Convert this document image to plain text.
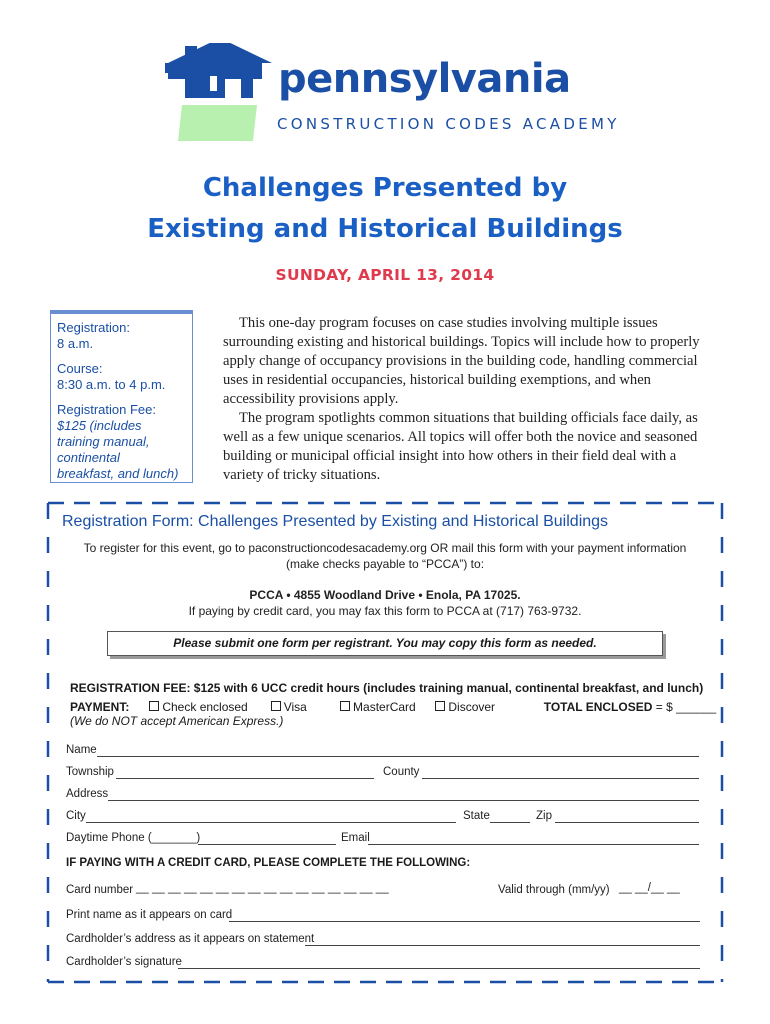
pennsylvania
CONSTRUCTION CODES ACADEMY
Challenges Presented by
Existing and Historical Buildings
SUNDAY, APRIL 13, 2014
Registration:
8 a.m.
Course:
8:30 a.m. to 4 p.m.
Registration Fee:
$125 (includes
training manual,
continental
breakfast, and lunch)

This one-day program focuses on case studies involving multiple issues surrounding existing and historical buildings. Topics will include how to properly apply change of occupancy provisions in the building code, handling commercial uses in residential occupancies, historical building exemptions, and when accessibility provisions apply.

The program spotlights common situations that building officials face daily, as well as a few unique scenarios. All topics will offer both the novice and seasoned building or municipal official insight into how others in their field deal with a variety of tricky situations.

Registration Form: Challenges Presented by Existing and Historical Buildings
To register for this event, go to paconstructioncodesacademy.org OR mail this form with your payment information
(make checks payable to “PCCA”) to:
PCCA • 4855 Woodland Drive • Enola, PA 17025.
If paying by credit card, you may fax this form to PCCA at (717) 763-9732.
Please submit one form per registrant. You may copy this form as needed.
REGISTRATION FEE: $125 with 6 UCC credit hours (includes training manual, continental breakfast, and lunch)
PAYMENT:	Check enclosed	Visa	MasterCard	Discover	TOTAL ENCLOSED = $ ______
(We do NOT accept American Express.)
Name
Township	County
Address
City	State	Zip
Daytime Phone (_______)	Email
IF PAYING WITH A CREDIT CARD, PLEASE COMPLETE THE FOLLOWING:
Card number __ __ __ __ __ __ __ __ __ __ __ __ __ __ __ __	Valid through (mm/yy) __ __/__ __
Print name as it appears on card
Cardholder’s address as it appears on statement
Cardholder’s signature
